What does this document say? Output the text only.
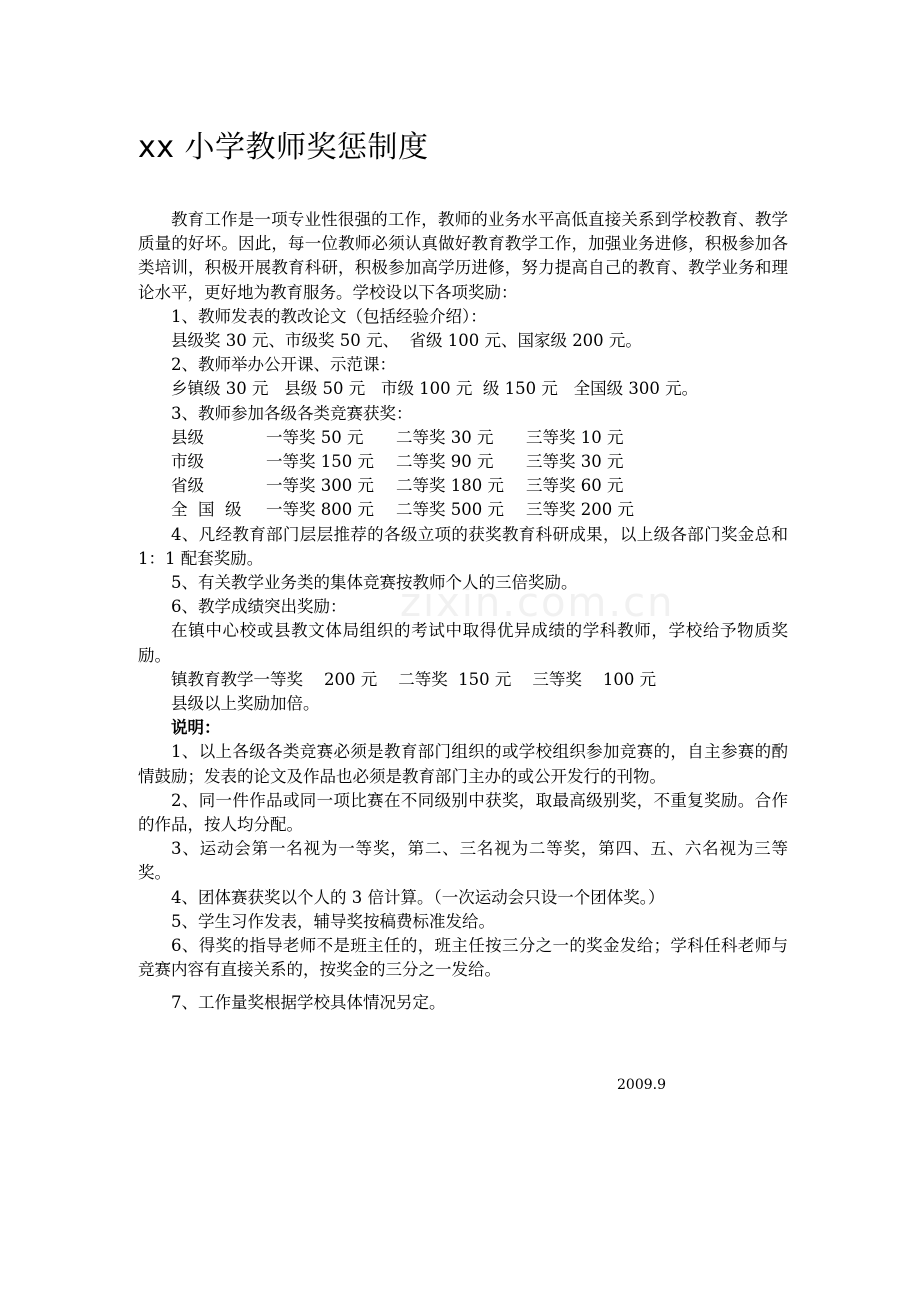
zixin.com.cn
xx 小学教师奖惩制度

教育工作是一项专业性很强的工作，教师的业务水平高低直接关系到学校教育、教学质量的好坏。因此，每一位教师必须认真做好教育教学工作，加强业务进修，积极参加各类培训，积极开展教育科研，积极参加高学历进修，努力提高自己的教育、教学业务和理论水平，更好地为教育服务。学校设以下各项奖励：

1、教师发表的教改论文（包括经验介绍）：

县级奖 30 元、市级奖 50 元、  省级 100 元、国家级 200 元。

2、教师举办公开课、示范课：

乡镇级 30 元   县级 50 元   市级 100 元  级 150 元   全国级 300 元。

3、教师参加各级各类竞赛获奖：

县级	一等奖 50 元	二等奖 30 元	三等奖 10 元

市级	一等奖 150 元	二等奖 90 元	三等奖 30 元

省级	一等奖 300 元	二等奖 180 元	三等奖 60 元

全  国  级	一等奖 800 元	二等奖 500 元	三等奖 200 元

4、凡经教育部门层层推荐的各级立项的获奖教育科研成果，以上级各部门奖金总和 1：1 配套奖励。

5、有关教学业务类的集体竞赛按教师个人的三倍奖励。

6、教学成绩突出奖励：

在镇中心校或县教文体局组织的考试中取得优异成绩的学科教师，学校给予物质奖励。

镇教育教学一等奖    200 元    二等奖  150 元    三等奖    100 元

县级以上奖励加倍。

说明：

1、以上各级各类竞赛必须是教育部门组织的或学校组织参加竞赛的，自主参赛的酌情鼓励；发表的论文及作品也必须是教育部门主办的或公开发行的刊物。

2、同一件作品或同一项比赛在不同级别中获奖，取最高级别奖，不重复奖励。合作的作品，按人均分配。

3、运动会第一名视为一等奖，第二、三名视为二等奖，第四、五、六名视为三等奖。

4、团体赛获奖以个人的 3 倍计算。（一次运动会只设一个团体奖。）

5、学生习作发表，辅导奖按稿费标准发给。

6、得奖的指导老师不是班主任的，班主任按三分之一的奖金发给；学科任科老师与竞赛内容有直接关系的，按奖金的三分之一发给。

7、工作量奖根据学校具体情况另定。

2009.9
